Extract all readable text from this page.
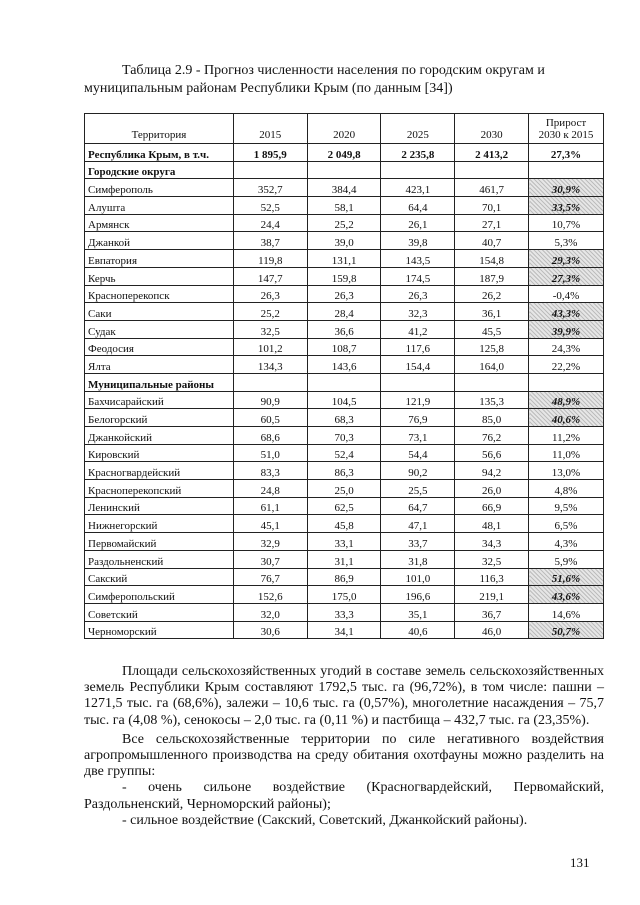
Таблица 2.9 - Прогноз численности населения по городским округам и
муниципальным районам Республики Крым (по данным [34])
Территория	2015	2020	2025	2030	Прирост
2030 к 2015
Республика Крым, в т.ч.	1 895,9	2 049,8	2 235,8	2 413,2	27,3%
Городские округа					
Симферополь	352,7	384,4	423,1	461,7	30,9%
Алушта	52,5	58,1	64,4	70,1	33,5%
Армянск	24,4	25,2	26,1	27,1	10,7%
Джанкой	38,7	39,0	39,8	40,7	5,3%
Евпатория	119,8	131,1	143,5	154,8	29,3%
Керчь	147,7	159,8	174,5	187,9	27,3%
Красноперекопск	26,3	26,3	26,3	26,2	-0,4%
Саки	25,2	28,4	32,3	36,1	43,3%
Судак	32,5	36,6	41,2	45,5	39,9%
Феодосия	101,2	108,7	117,6	125,8	24,3%
Ялта	134,3	143,6	154,4	164,0	22,2%
Муниципальные районы					
Бахчисарайский	90,9	104,5	121,9	135,3	48,9%
Белогорский	60,5	68,3	76,9	85,0	40,6%
Джанкойский	68,6	70,3	73,1	76,2	11,2%
Кировский	51,0	52,4	54,4	56,6	11,0%
Красногвардейский	83,3	86,3	90,2	94,2	13,0%
Красноперекопский	24,8	25,0	25,5	26,0	4,8%
Ленинский	61,1	62,5	64,7	66,9	9,5%
Нижнегорский	45,1	45,8	47,1	48,1	6,5%
Первомайский	32,9	33,1	33,7	34,3	4,3%
Раздольненский	30,7	31,1	31,8	32,5	5,9%
Сакский	76,7	86,9	101,0	116,3	51,6%
Симферопольский	152,6	175,0	196,6	219,1	43,6%
Советский	32,0	33,3	35,1	36,7	14,6%
Черноморский	30,6	34,1	40,6	46,0	50,7%

Площади сельскохозяйственных угодий в составе земель сельскохозяйственных земель Республики Крым составляют 1792,5 тыс. га (96,72%), в том числе: пашни – 1271,5 тыс. га (68,6%), залежи – 10,6 тыс. га (0,57%), многолетние насаждения – 75,7 тыс. га (4,08 %), сенокосы – 2,0 тыс. га (0,11 %) и пастбища – 432,7 тыс. га (23,35%).

Все сельскохозяйственные территории по силе негативного воздействия агропромышленного производства на среду обитания охотфауны можно разделить на две группы:

- очень сильоне воздействие (Красногвардейский, Первомайский, Раздольненский, Черноморский районы);

- сильное воздействие (Сакский, Советский, Джанкойский районы).

131
